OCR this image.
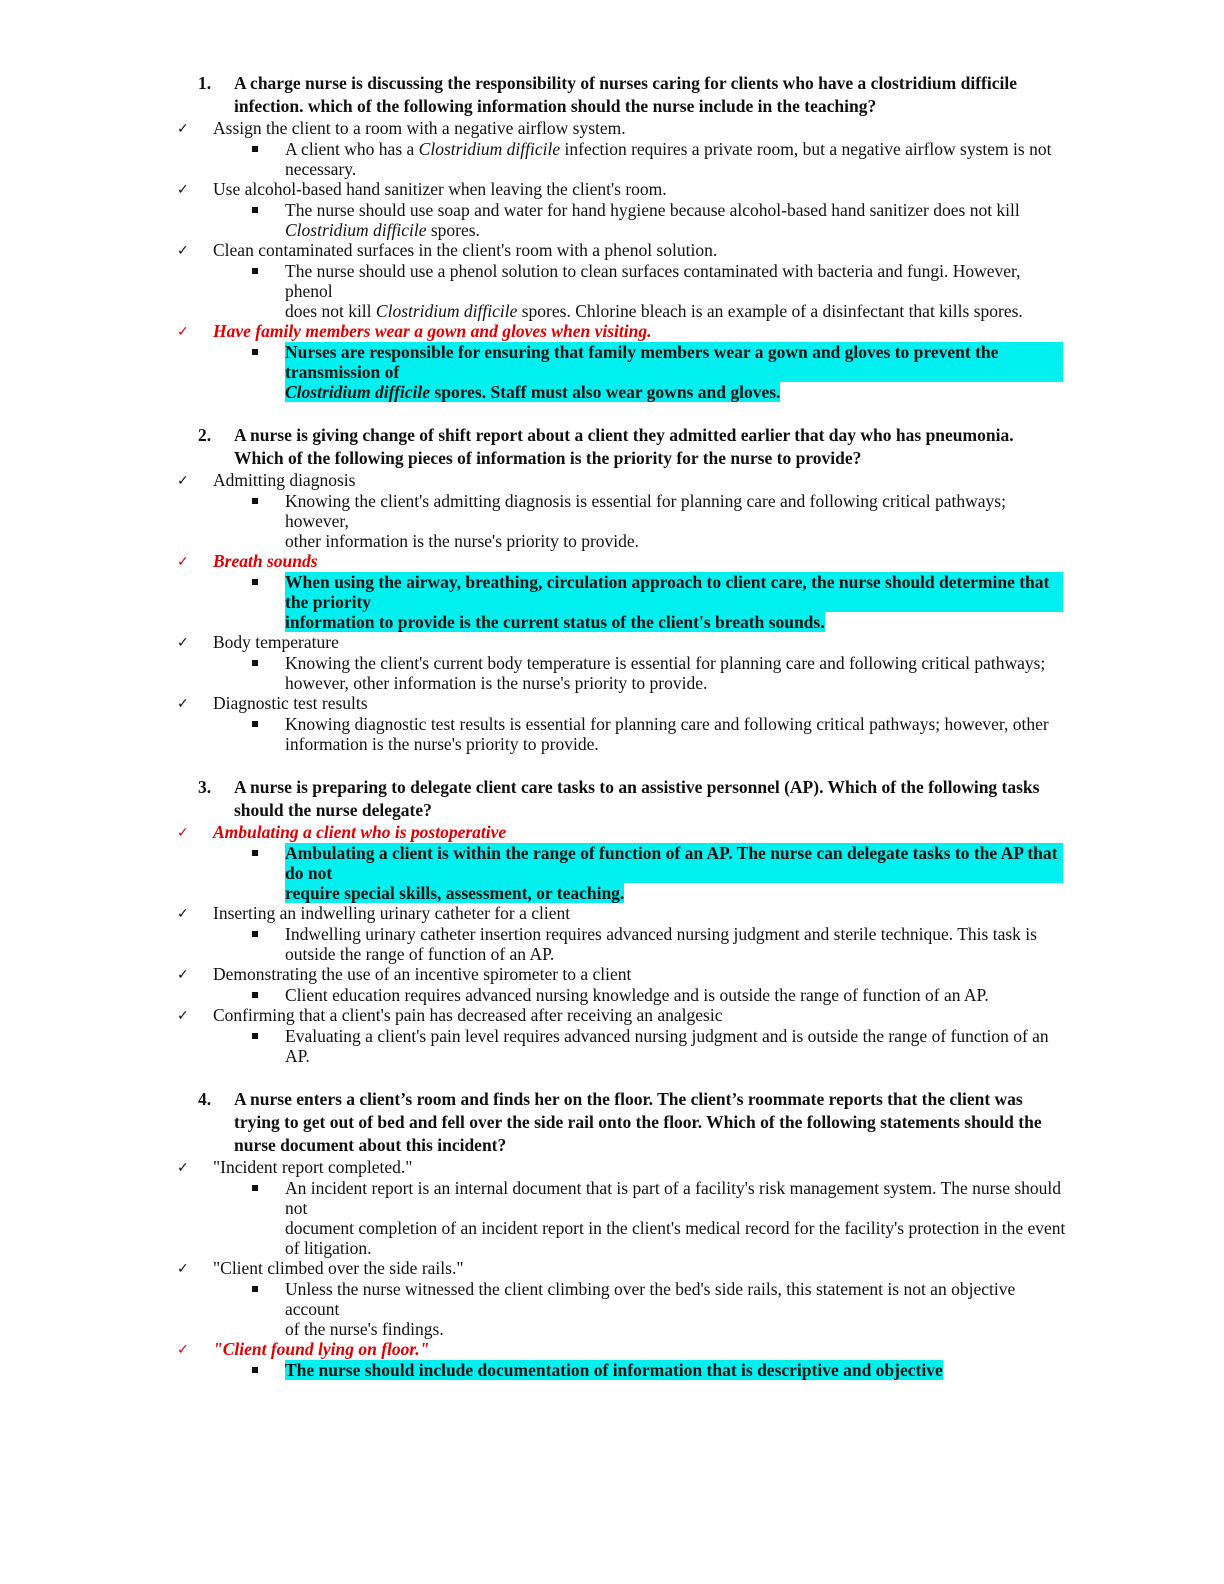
1. A charge nurse is discussing the responsibility of nurses caring for clients who have a clostridium difficile infection. which of the following information should the nurse include in the teaching?
✓ Assign the client to a room with a negative airflow system.
A client who has a Clostridium difficile infection requires a private room, but a negative airflow system is not
necessary.
✓ Use alcohol-based hand sanitizer when leaving the client's room.
The nurse should use soap and water for hand hygiene because alcohol-based hand sanitizer does not kill
Clostridium difficile spores.
✓ Clean contaminated surfaces in the client's room with a phenol solution.
The nurse should use a phenol solution to clean surfaces contaminated with bacteria and fungi. However, phenol
does not kill Clostridium difficile spores. Chlorine bleach is an example of a disinfectant that kills spores.
✓ Have family members wear a gown and gloves when visiting.
Nurses are responsible for ensuring that family members wear a gown and gloves to prevent the transmission of
Clostridium difficile spores. Staff must also wear gowns and gloves.
2. A nurse is giving change of shift report about a client they admitted earlier that day who has pneumonia. Which of the following pieces of information is the priority for the nurse to provide?
✓ Admitting diagnosis
Knowing the client's admitting diagnosis is essential for planning care and following critical pathways; however,
other information is the nurse's priority to provide.
✓ Breath sounds
When using the airway, breathing, circulation approach to client care, the nurse should determine that the priority
information to provide is the current status of the client's breath sounds.
✓ Body temperature
Knowing the client's current body temperature is essential for planning care and following critical pathways;
however, other information is the nurse's priority to provide.
✓ Diagnostic test results
Knowing diagnostic test results is essential for planning care and following critical pathways; however, other
information is the nurse's priority to provide.
3. A nurse is preparing to delegate client care tasks to an assistive personnel (AP). Which of the following tasks should the nurse delegate?
✓ Ambulating a client who is postoperative
Ambulating a client is within the range of function of an AP. The nurse can delegate tasks to the AP that do not
require special skills, assessment, or teaching.
✓ Inserting an indwelling urinary catheter for a client
Indwelling urinary catheter insertion requires advanced nursing judgment and sterile technique. This task is
outside the range of function of an AP.
✓ Demonstrating the use of an incentive spirometer to a client
Client education requires advanced nursing knowledge and is outside the range of function of an AP.
✓ Confirming that a client's pain has decreased after receiving an analgesic
Evaluating a client's pain level requires advanced nursing judgment and is outside the range of function of an AP.
4. A nurse enters a client’s room and finds her on the floor. The client’s roommate reports that the client was trying to get out of bed and fell over the side rail onto the floor. Which of the following statements should the nurse document about this incident?
✓ "Incident report completed."
An incident report is an internal document that is part of a facility's risk management system. The nurse should not
document completion of an incident report in the client's medical record for the facility's protection in the event of litigation.
✓ "Client climbed over the side rails."
Unless the nurse witnessed the client climbing over the bed's side rails, this statement is not an objective account
of the nurse's findings.
✓ "Client found lying on floor."
The nurse should include documentation of information that is descriptive and objective
